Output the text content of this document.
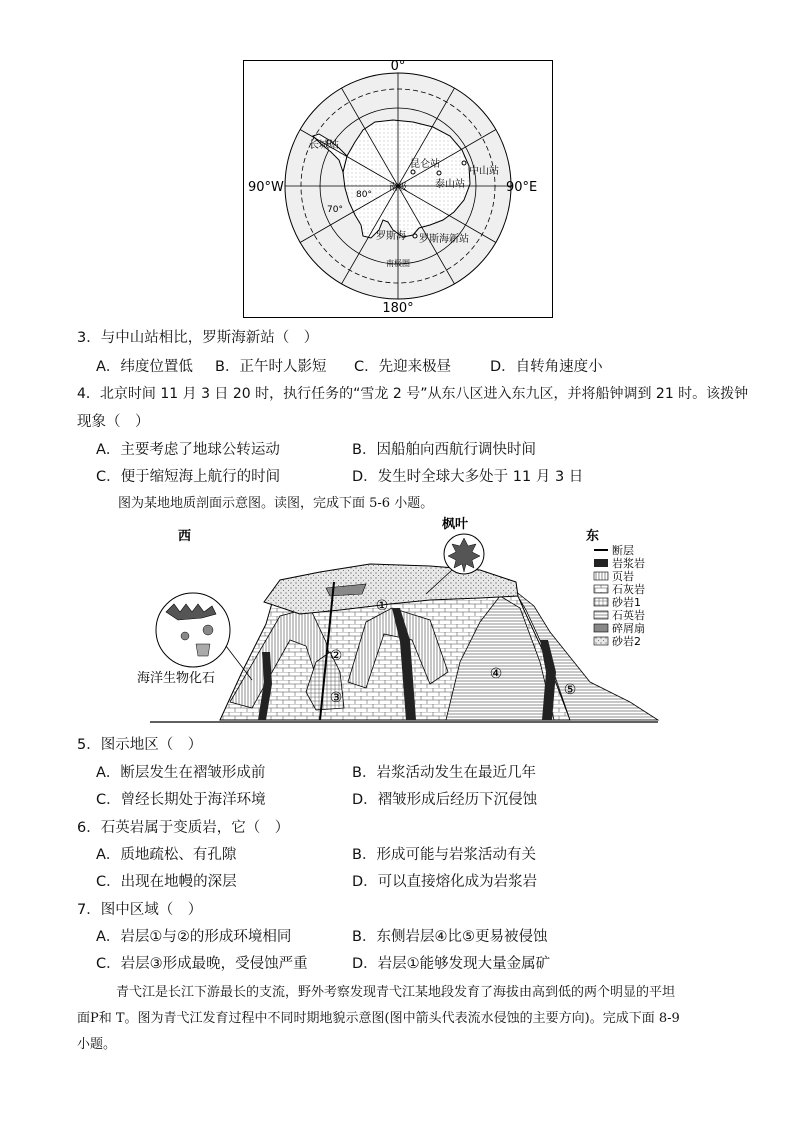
0°
180°
90°W	90°E
长城站
昆仑站
中山站
泰山站
南极
80°
70°
罗斯海 罗斯海新站
南极圈
3．与中山站相比，罗斯海新站（　）
A．纬度位置低 B．正午时人影短 C．先迎来极昼	D．自转角速度小
4．北京时间 11 月 3 日 20 时，执行任务的“雪龙 2 号”从东八区进入东九区，并将船钟调到 21 时。该拨钟
现象（　）
A．主要考虑了地球公转运动	B．因船舶向西航行调快时间
C．便于缩短海上航行的时间	D．发生时全球大多处于 11 月 3 日
图为某地地质剖面示意图。读图，完成下面 5-6 小题。
①
②
③
④
⑤
西	东
枫叶
海洋生物化石
断层
岩浆岩
页岩
石灰岩
砂岩1
石英岩
碎屑扇
砂岩2
5．图示地区（　）
A．断层发生在褶皱形成前	B．岩浆活动发生在最近几年
C．曾经长期处于海洋环境	D．褶皱形成后经历下沉侵蚀
6．石英岩属于变质岩，它（　）
A．质地疏松、有孔隙	B．形成可能与岩浆活动有关
C．出现在地幔的深层	D．可以直接熔化成为岩浆岩
7．图中区域（　）
A．岩层①与②的形成环境相同	B．东侧岩层④比⑤更易被侵蚀
C．岩层③形成最晚，受侵蚀严重	D．岩层①能够发现大量金属矿
青弋江是长江下游最长的支流，野外考察发现青弋江某地段发育了海拔由高到低的两个明显的平坦
面P和 T。图为青弋江发育过程中不同时期地貌示意图(图中箭头代表流水侵蚀的主要方向)。完成下面 8-9
小题。
